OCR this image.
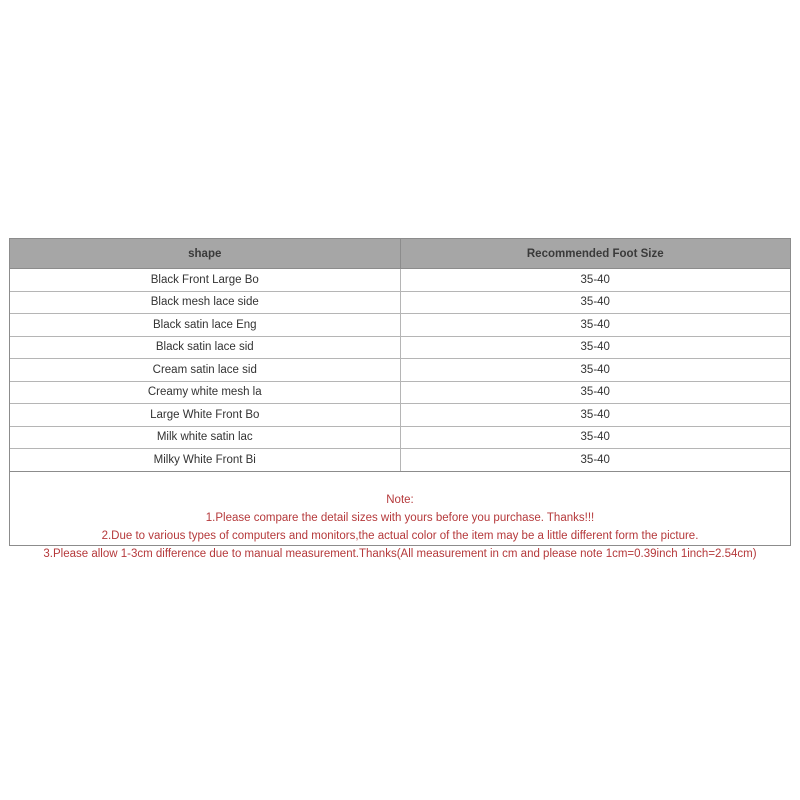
shape	Recommended Foot Size
Black Front Large Bo	35-40
Black mesh lace side	35-40
Black satin lace Eng	35-40
Black satin lace sid	35-40
Cream satin lace sid	35-40
Creamy white mesh la	35-40
Large White Front Bo	35-40
Milk white satin lac	35-40
Milky White Front Bi	35-40

Note:

1.Please compare the detail sizes with yours before you purchase. Thanks!!!

2.Due to various types of computers and monitors,the actual color of the item may be a little different form the picture.

3.Please allow 1-3cm difference due to manual measurement.Thanks(All measurement in cm and please note 1cm=0.39inch 1inch=2.54cm)
